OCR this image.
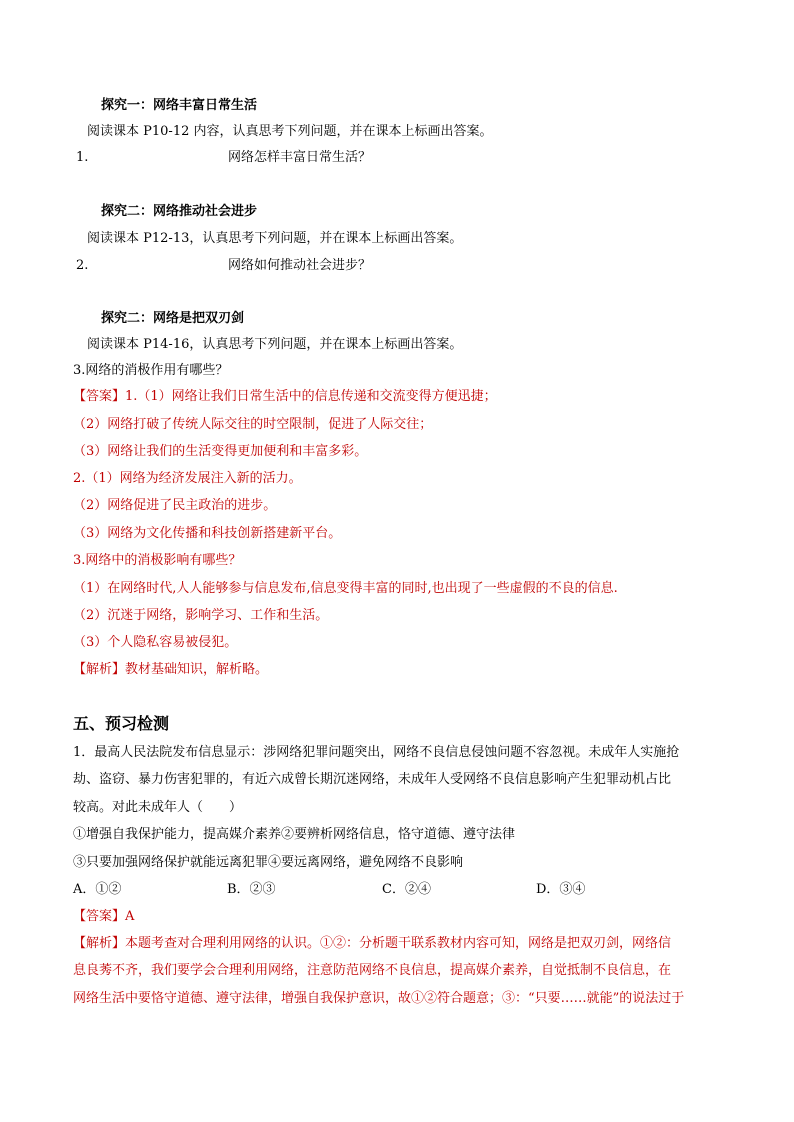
探究一：网络丰富日常生活
阅读课本 P10-12 内容，认真思考下列问题，并在课本上标画出答案。
1.	网络怎样丰富日常生活？
探究二：网络推动社会进步
阅读课本 P12-13，认真思考下列问题，并在课本上标画出答案。
2.	网络如何推动社会进步？
探究二：网络是把双刃剑
阅读课本 P14-16，认真思考下列问题，并在课本上标画出答案。
3.网络的消极作用有哪些？
【答案】1.（1）网络让我们日常生活中的信息传递和交流变得方便迅捷；
（2）网络打破了传统人际交往的时空限制，促进了人际交往；
（3）网络让我们的生活变得更加便利和丰富多彩。
2.（1）网络为经济发展注入新的活力。
（2）网络促进了民主政治的进步。
（3）网络为文化传播和科技创新搭建新平台。
3.网络中的消极影响有哪些？
（1）在网络时代,人人能够参与信息发布,信息变得丰富的同时,也出现了一些虚假的不良的信息.
（2）沉迷于网络，影响学习、工作和生活。
（3）个人隐私容易被侵犯。
【解析】教材基础知识，解析略。
五、预习检测
1．最高人民法院发布信息显示：涉网络犯罪问题突出，网络不良信息侵蚀问题不容忽视。未成年人实施抢
劫、盗窃、暴力伤害犯罪的，有近六成曾长期沉迷网络，未成年人受网络不良信息影响产生犯罪动机占比
较高。对此未成年人（　　）
①增强自我保护能力，提高媒介素养②要辨析网络信息，恪守道德、遵守法律
③只要加强网络保护就能远离犯罪④要远离网络，避免网络不良影响
A．①②	B．②③	C．②④	D．③④
【答案】A
【解析】本题考查对合理利用网络的认识。①②：分析题干联系教材内容可知，网络是把双刃剑，网络信
息良莠不齐，我们要学会合理利用网络，注意防范网络不良信息，提高媒介素养，自觉抵制不良信息，在
网络生活中要恪守道德、遵守法律，增强自我保护意识，故①②符合题意；③：“只要……就能”的说法过于
